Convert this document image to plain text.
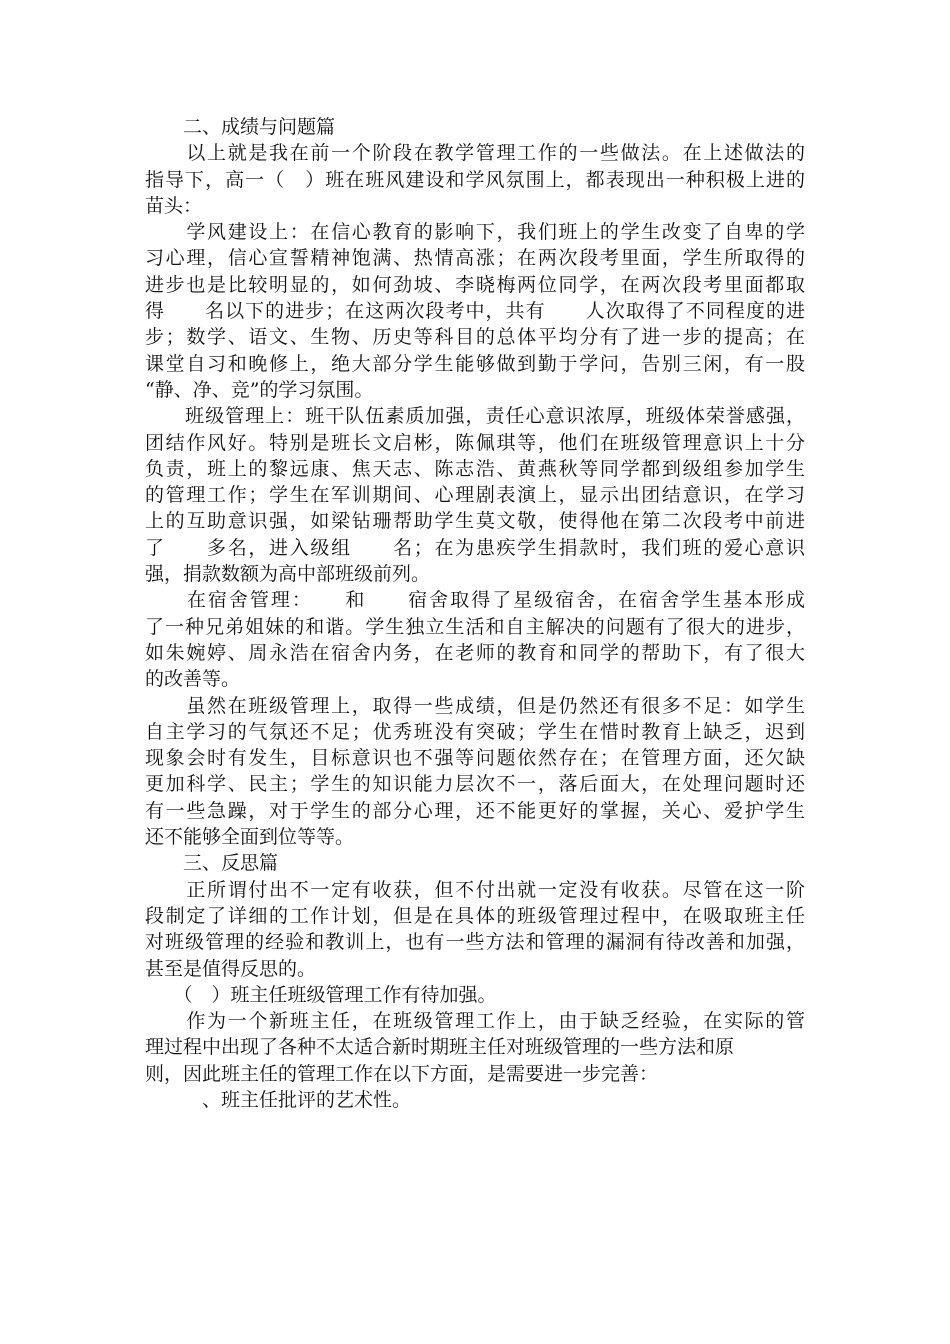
　　二、成绩与问题篇
　　以上就是我在前一个阶段在教学管理工作的一些做法。在上述做法的
指导下，高一（　）班在班风建设和学风氛围上，都表现出一种积极上进的
苗头：
　　学风建设上：在信心教育的影响下，我们班上的学生改变了自卑的学
习心理，信心宣誓精神饱满、热情高涨；在两次段考里面，学生所取得的
进步也是比较明显的，如何劲坡、李晓梅两位同学，在两次段考里面都取
得　　名以下的进步；在这两次段考中，共有　　人次取得了不同程度的进
步；数学、语文、生物、历史等科目的总体平均分有了进一步的提高；在
课堂自习和晚修上，绝大部分学生能够做到勤于学问，告别三闲，有一股
“静、净、竞”的学习氛围。
　　班级管理上：班干队伍素质加强，责任心意识浓厚，班级体荣誉感强，
团结作风好。特别是班长文启彬，陈佩琪等，他们在班级管理意识上十分
负责，班上的黎远康、焦天志、陈志浩、黄燕秋等同学都到级组参加学生
的管理工作；学生在军训期间、心理剧表演上，显示出团结意识，在学习
上的互助意识强，如梁钻珊帮助学生莫文敬，使得他在第二次段考中前进
了　　多名，进入级组　　名；在为患疾学生捐款时，我们班的爱心意识
强，捐款数额为高中部班级前列。
　　在宿舍管理：　　和　　宿舍取得了星级宿舍，在宿舍学生基本形成
了一种兄弟姐妹的和谐。学生独立生活和自主解决的问题有了很大的进步，
如朱婉婷、周永浩在宿舍内务，在老师的教育和同学的帮助下，有了很大
的改善等。
　　虽然在班级管理上，取得一些成绩，但是仍然还有很多不足：如学生
自主学习的气氛还不足；优秀班没有突破；学生在惜时教育上缺乏，迟到
现象会时有发生，目标意识也不强等问题依然存在；在管理方面，还欠缺
更加科学、民主；学生的知识能力层次不一，落后面大，在处理问题时还
有一些急躁，对于学生的部分心理，还不能更好的掌握，关心、爱护学生
还不能够全面到位等等。
　　三、反思篇
　　正所谓付出不一定有收获，但不付出就一定没有收获。尽管在这一阶
段制定了详细的工作计划，但是在具体的班级管理过程中，在吸取班主任
对班级管理的经验和教训上，也有一些方法和管理的漏洞有待改善和加强，
甚至是值得反思的。
　　（　）班主任班级管理工作有待加强。
　　作为一个新班主任，在班级管理工作上，由于缺乏经验，在实际的管
理过程中出现了各种不太适合新时期班主任对班级管理的一些方法和原
则，因此班主任的管理工作在以下方面，是需要进一步完善：
　　　、班主任批评的艺术性。
